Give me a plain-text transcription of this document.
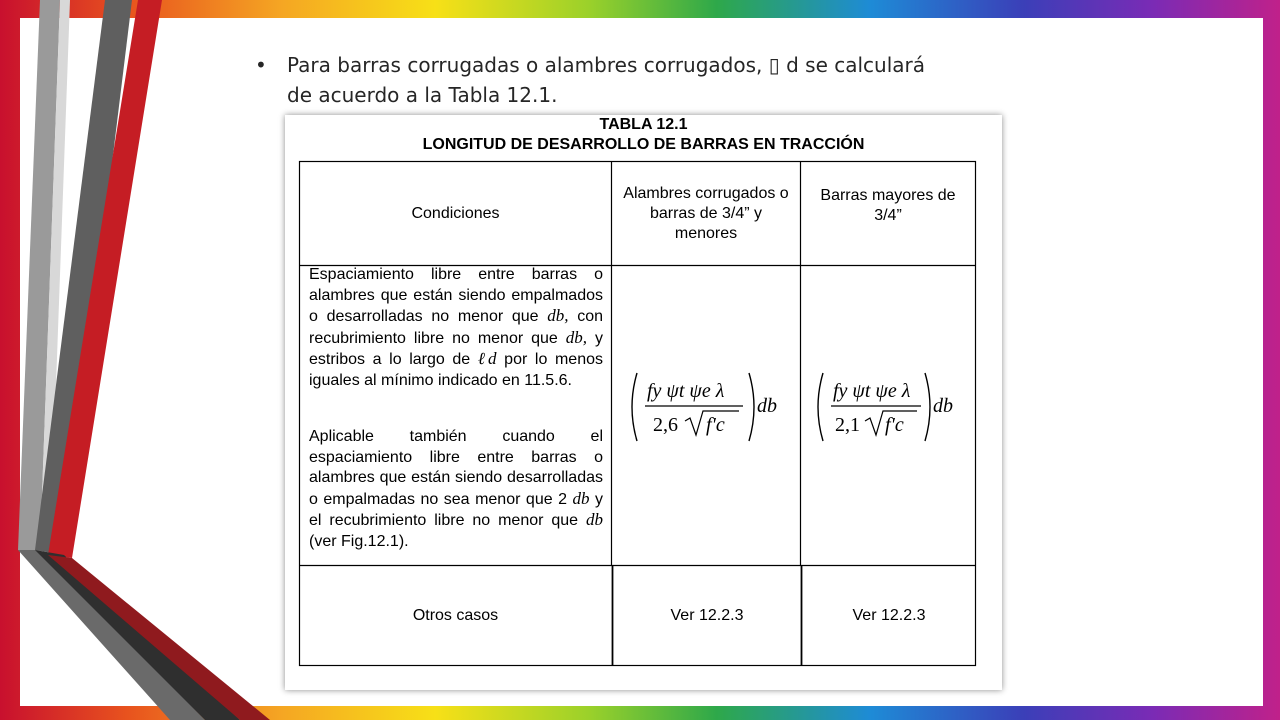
• Para barras corrugadas o alambres corrugados, ▯ d se calculará de acuerdo a la Tabla 12.1.
TABLA 12.1
LONGITUD DE DESARROLLO DE BARRAS EN TRACCIÓN
Condiciones
Alambres corrugados o barras de 3/4” y menores
Barras mayores de 3/4”
Espaciamiento libre entre barras o alambres que están siendo empalmados o desarrolladas no menor que db, con recubrimiento libre no menor que db, y estribos a lo largo de ℓd por lo menos iguales al mínimo indicado en 11.5.6.
Aplicable también cuando el espaciamiento libre entre barras o alambres que están siendo desarrolladas o empalmadas no sea menor que 2 db y el recubrimiento libre no menor que db (ver Fig.12.1).
fy ψt ψe λ
2,6 f'c
db
fy ψt ψe λ
2,1 f'c
db
Otros casos	Ver 12.2.3	Ver 12.2.3
